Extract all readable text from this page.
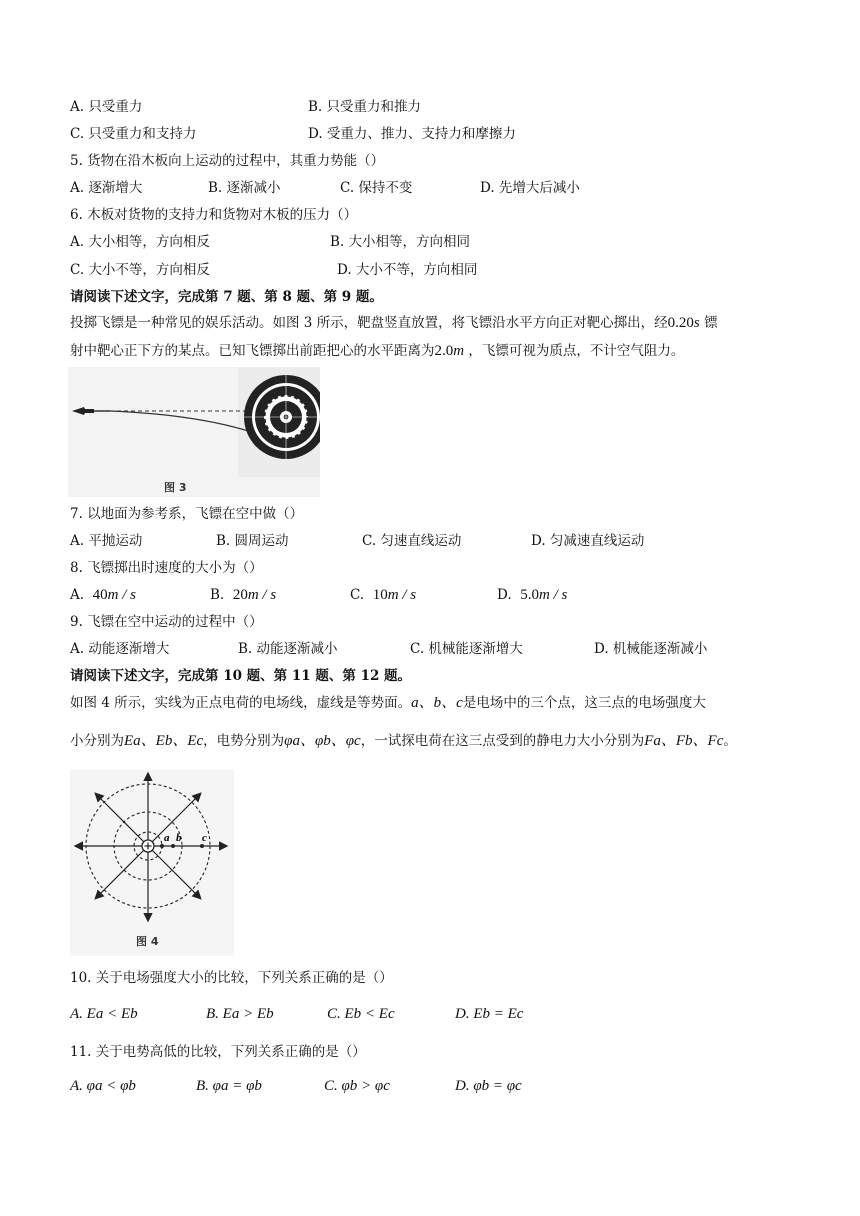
A. 只受重力	B. 只受重力和推力
C. 只受重力和支持力	D. 受重力、推力、支持力和摩擦力
5. 货物在沿木板向上运动的过程中，其重力势能（）
A. 逐渐增大	B. 逐渐减小	C. 保持不变	D. 先增大后减小
6. 木板对货物的支持力和货物对木板的压力（）
A. 大小相等，方向相反	B. 大小相等，方向相同
C. 大小不等，方向相反	D. 大小不等，方向相同
请阅读下述文字，完成第 7 题、第 8 题、第 9 题。
投掷飞镖是一种常见的娱乐活动。如图 3 所示，靶盘竖直放置，将飞镖沿水平方向正对靶心掷出，经0.20s 镖
射中靶心正下方的某点。已知飞镖掷出前距把心的水平距离为2.0m ，飞镖可视为质点，不计空气阻力。
图 3
7. 以地面为参考系，飞镖在空中做（）
A. 平抛运动	B. 圆周运动	C. 匀速直线运动	D. 匀减速直线运动
8. 飞镖掷出时速度的大小为（）
A. 40m / s	B. 20m / s	C. 10m / s	D. 5.0m / s
9. 飞镖在空中运动的过程中（）
A. 动能逐渐增大	B. 动能逐渐减小	C. 机械能逐渐增大	D. 机械能逐渐减小
请阅读下述文字，完成第 10 题、第 11 题、第 12 题。
如图 4 所示，实线为正点电荷的电场线，虚线是等势面。a、b、c是电场中的三个点，这三点的电场强度大
小分别为Ea、Eb、Ec，电势分别为φa、φb、φc，一试探电荷在这三点受到的静电力大小分别为Fa、Fb、Fc。
a b c
图 4
10. 关于电场强度大小的比较，下列关系正确的是（）
A. Ea < Eb	B. Ea > Eb	C. Eb < Ec	D. Eb = Ec
11. 关于电势高低的比较，下列关系正确的是（）
A. φa < φb	B. φa = φb	C. φb > φc	D. φb = φc
